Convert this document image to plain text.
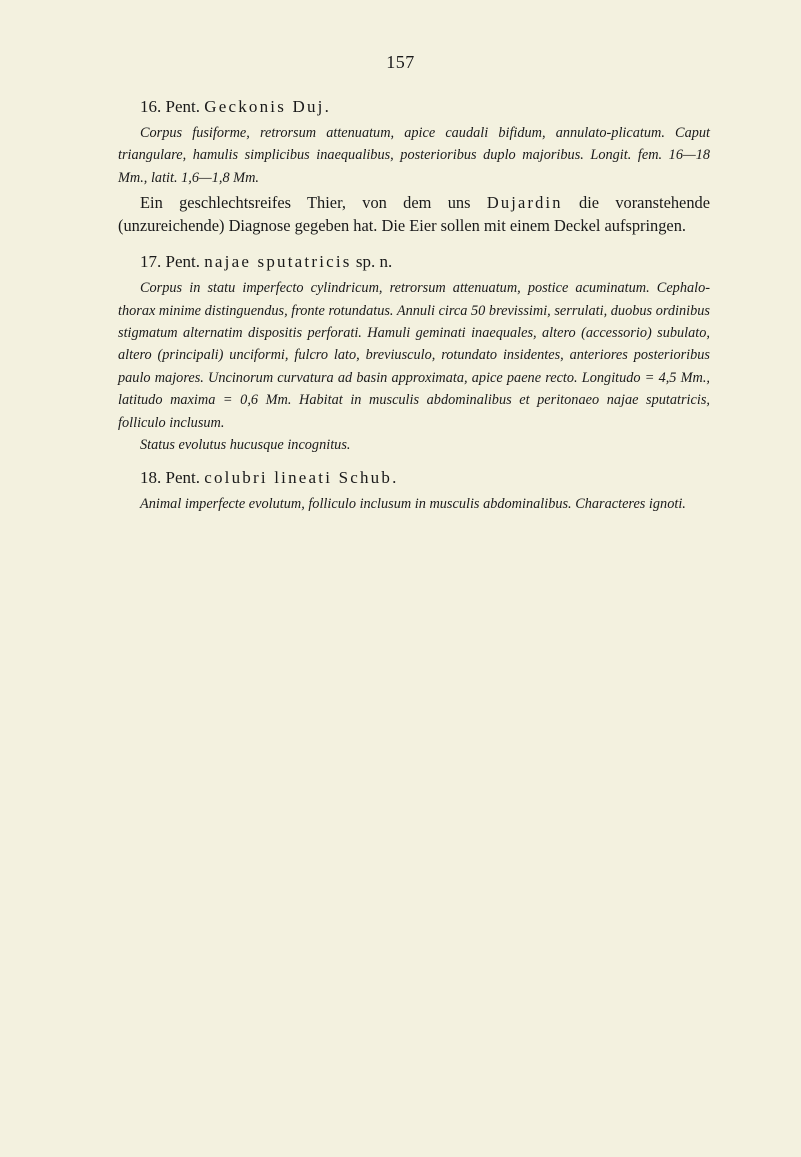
157

16. Pent. Geckonis Duj.

Corpus fusiforme, retrorsum attenuatum, apice caudali bifidum, annulato-plicatum. Caput triangulare, hamulis simplicibus inaequalibus, posterioribus duplo majoribus. Longit. fem. 16—18 Mm., latit. 1,6—1,8 Mm.

Ein geschlechtsreifes Thier, von dem uns Dujardin die voranstehende (unzureichende) Diagnose gegeben hat. Die Eier sollen mit einem Deckel aufspringen.

17. Pent. najae sputatricis sp. n.

Corpus in statu imperfecto cylindricum, retrorsum attenuatum, postice acuminatum. Cephalo-thorax minime distinguendus, fronte rotundatus. Annuli circa 50 brevissimi, serrulati, duobus ordinibus stigmatum alternatim dispositis perforati. Hamuli geminati inaequales, altero (accessorio) subulato, altero (principali) unciformi, fulcro lato, breviusculo, rotundato insidentes, anteriores posterioribus paulo majores. Uncinorum curvatura ad basin approximata, apice paene recto. Longitudo = 4,5 Mm., latitudo maxima = 0,6 Mm. Habitat in musculis abdominalibus et peritonaeo najae sputatricis, folliculo inclusum.

Status evolutus hucusque incognitus.

18. Pent. colubri lineati Schub.

Animal imperfecte evolutum, folliculo inclusum in musculis abdominalibus. Characteres ignoti.
